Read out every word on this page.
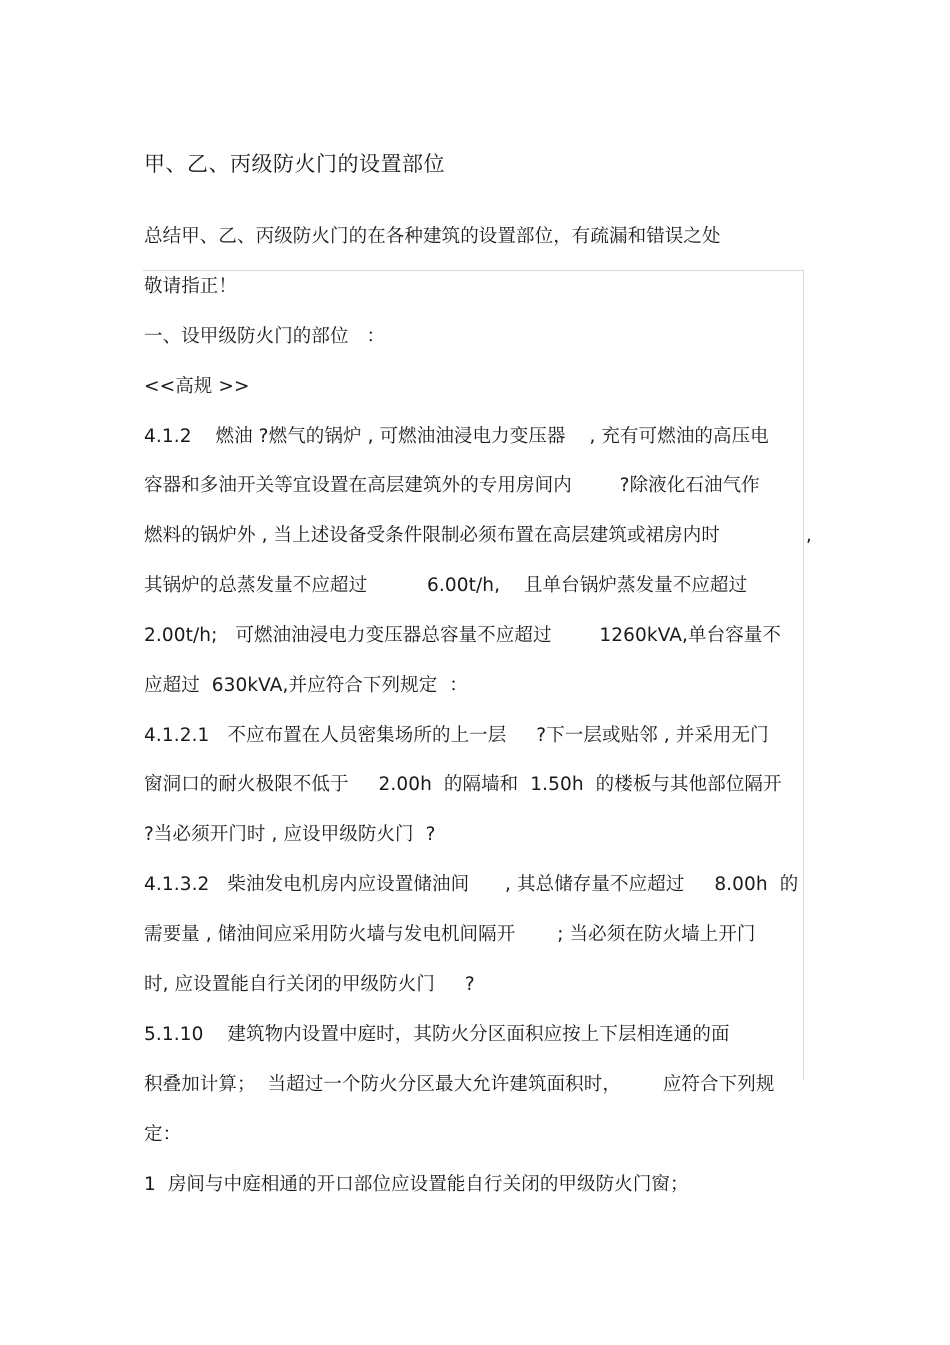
甲、乙、丙级防火门的设置部位
总结甲、乙、丙级防火门的在各种建筑的设置部位，有疏漏和错误之处
敬请指正！
一、设甲级防火门的部位   ：
<<高规 >>
4.1.2    燃油 ?燃气的锅炉 , 可燃油油浸电力变压器    , 充有可燃油的高压电
容器和多油开关等宜设置在高层建筑外的专用房间内        ?除液化石油气作
燃料的锅炉外 , 当上述设备受条件限制必须布置在高层建筑或裙房内时	,
其锅炉的总蒸发量不应超过          6.00t/h,    且单台锅炉蒸发量不应超过
2.00t/h;   可燃油油浸电力变压器总容量不应超过        1260kVA,单台容量不
应超过  630kVA,并应符合下列规定  ：
4.1.2.1   不应布置在人员密集场所的上一层     ?下一层或贴邻 , 并采用无门
窗洞口的耐火极限不低于     2.00h  的隔墙和  1.50h  的楼板与其他部位隔开
?当必须开门时 , 应设甲级防火门  ?
4.1.3.2   柴油发电机房内应设置储油间      , 其总储存量不应超过     8.00h  的
需要量 , 储油间应采用防火墙与发电机间隔开       ; 当必须在防火墙上开门
时, 应设置能自行关闭的甲级防火门     ?
5.1.10    建筑物内设置中庭时，其防火分区面积应按上下层相连通的面
积叠加计算；  当超过一个防火分区最大允许建筑面积时，       应符合下列规
定：
1  房间与中庭相通的开口部位应设置能自行关闭的甲级防火门窗；
